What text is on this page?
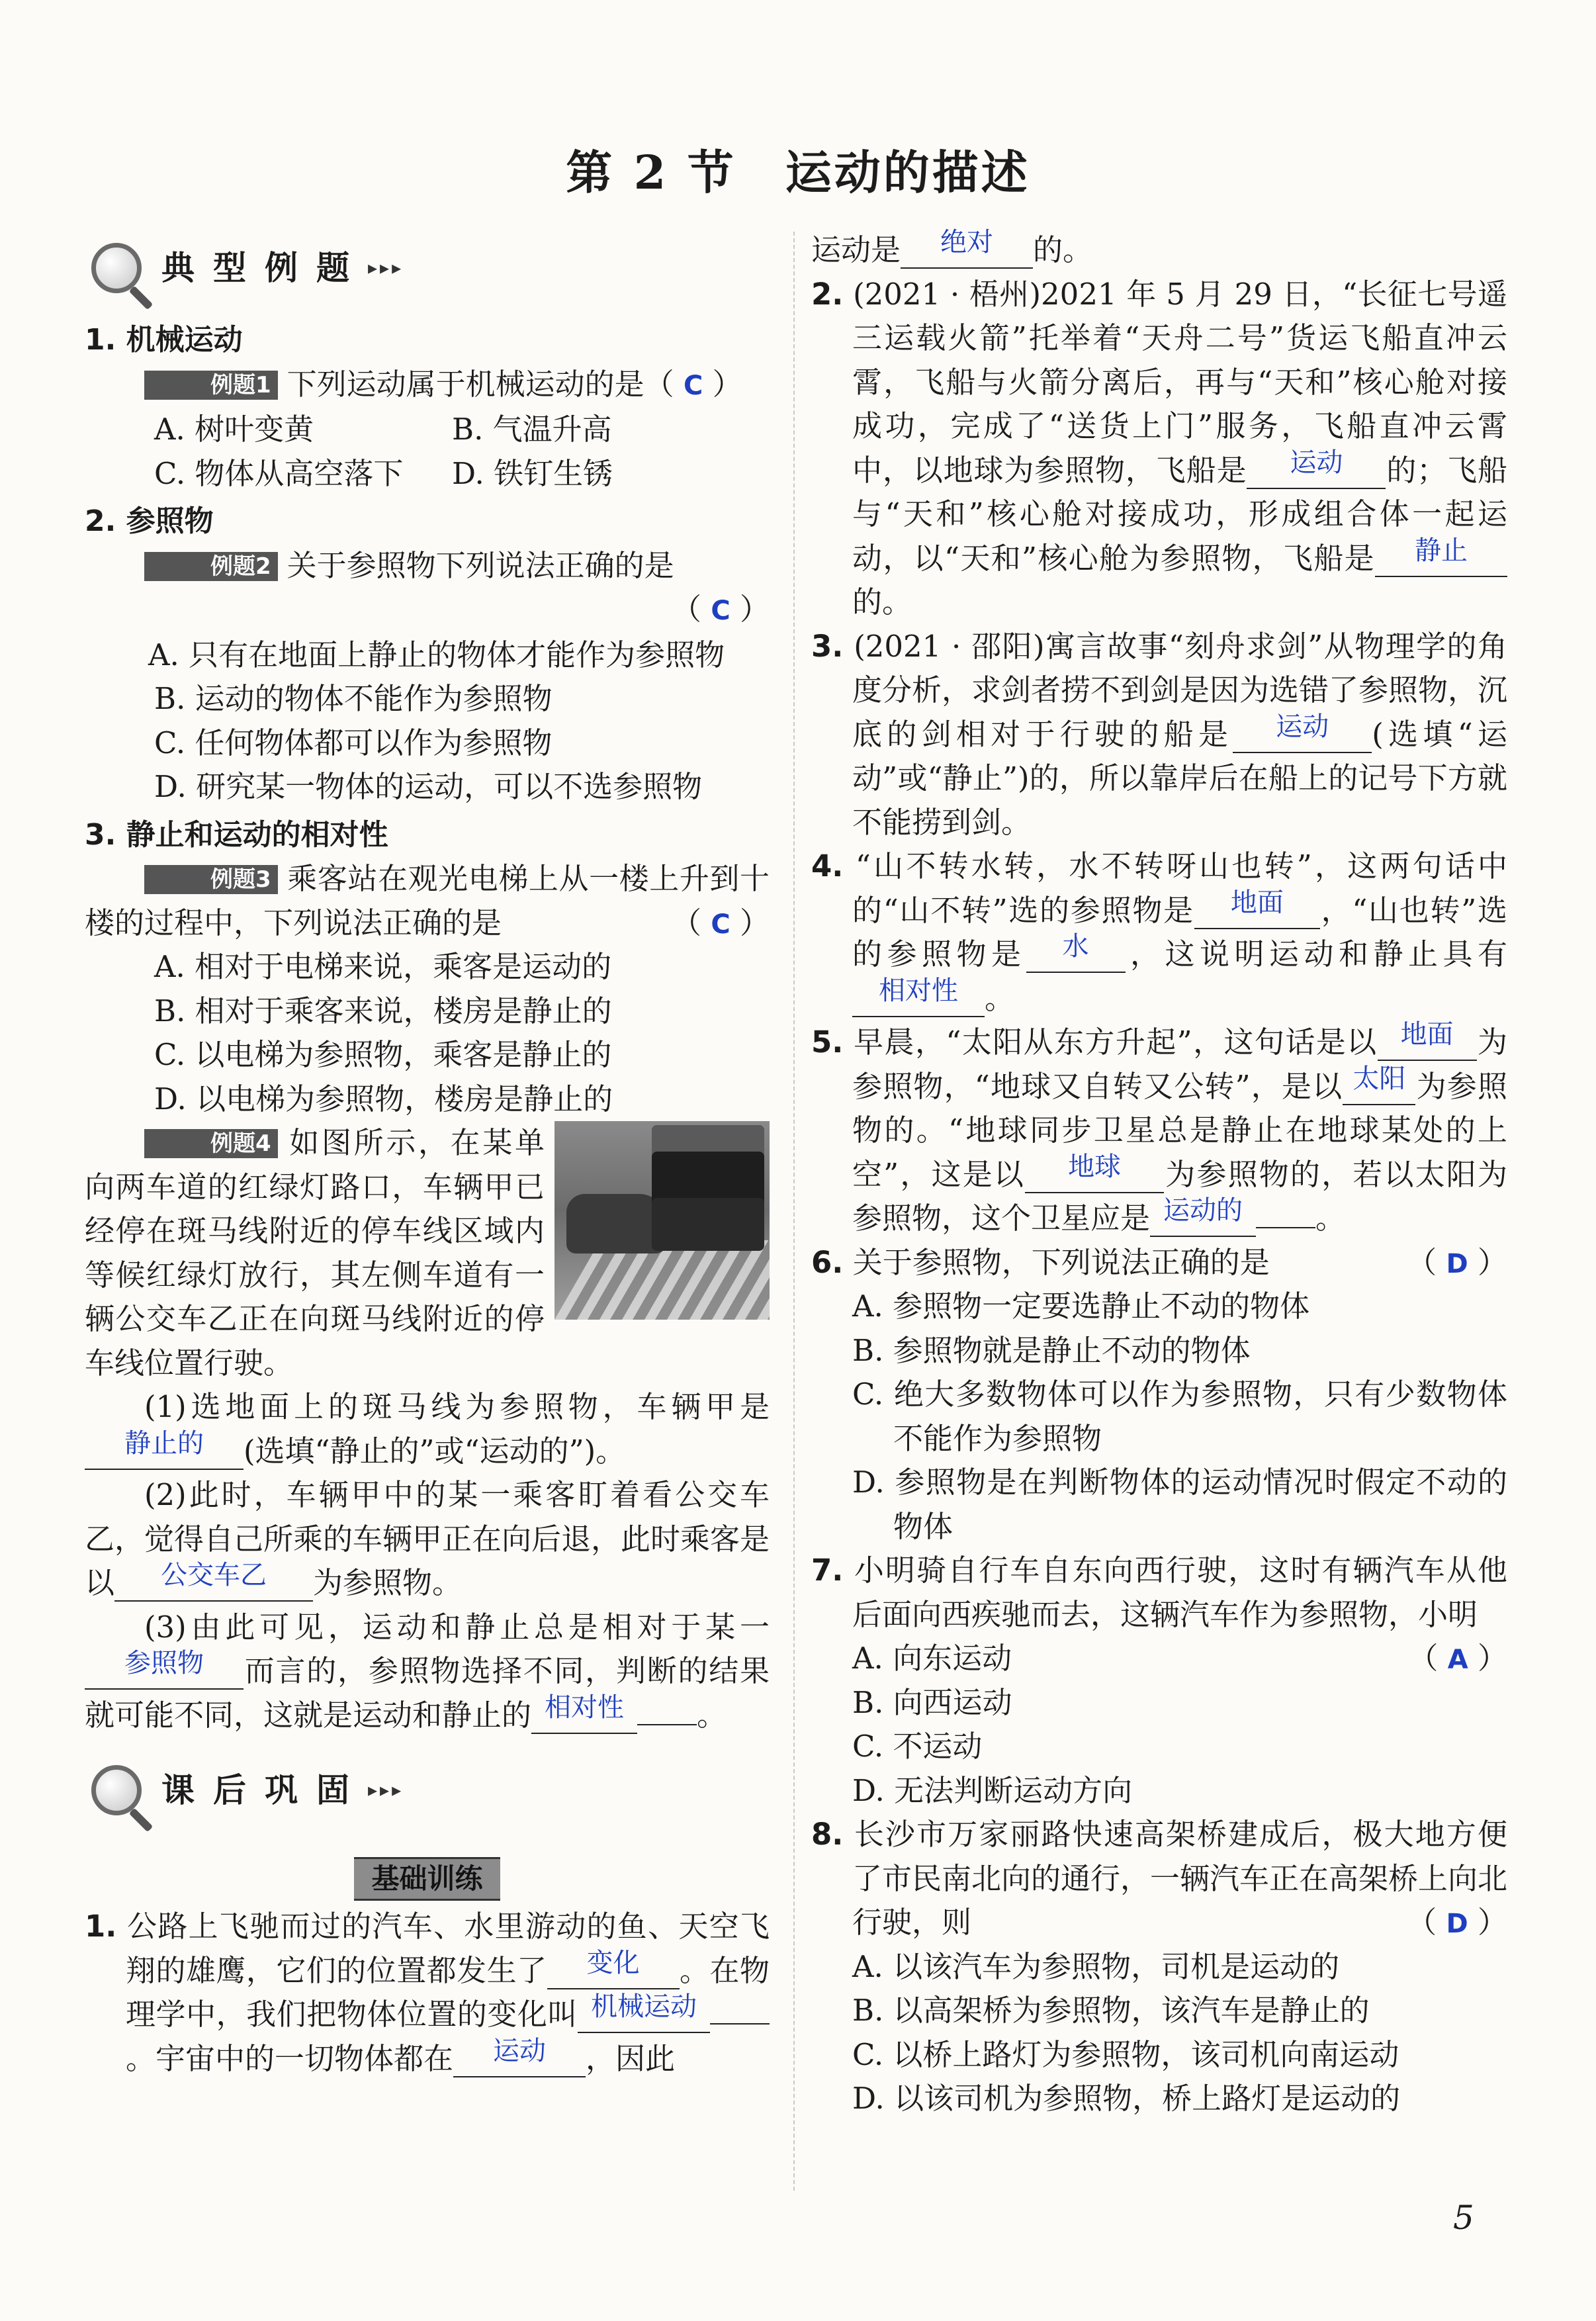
第 2 节　运动的描述
典型例题 ▸▸▸

1. 机械运动

例题1 下列运动属于机械运动的是（ C ）

A. 树叶变黄	B. 气温升高

C. 物体从高空落下 D. 铁钉生锈

2. 参照物

例题2 关于参照物下列说法正确的是

（ C ）

A. 只有在地面上静止的物体才能作为参照物

B. 运动的物体不能作为参照物

C. 任何物体都可以作为参照物

D. 研究某一物体的运动，可以不选参照物

3. 静止和运动的相对性

例题3 乘客站在观光电梯上从一楼上升到十楼的过程中，下列说法正确的是	（ C ）

A. 相对于电梯来说，乘客是运动的

B. 相对于乘客来说，楼房是静止的

C. 以电梯为参照物，乘客是静止的

D. 以电梯为参照物，楼房是静止的

例题4 如图所示，在某单向两车道的红绿灯路口，车辆甲已经停在斑马线附近的停车线区域内等候红绿灯放行，其左侧车道有一辆公交车乙正在向斑马线附近的停车线位置行驶。

(1)选地面上的斑马线为参照物，车辆甲是静止的 (选填“静止的”或“运动的”)。

(2)此时，车辆甲中的某一乘客盯着看公交车乙，觉得自己所乘的车辆甲正在向后退，此时乘客是以 公交车乙 为参照物。

(3)由此可见，运动和静止总是相对于某一参照物 而言的，参照物选择不同，判断的结果就可能不同，这就是运动和静止的 相对性 。

课后巩固 ▸▸▸
基础训练

1. 公路上飞驰而过的汽车、水里游动的鱼、天空飞翔的雄鹰，它们的位置都发生了 变化 。在物理学中，我们把物体位置的变化叫 机械运动。宇宙中的一切物体都在 运动 ，因此

运动是 绝对 的。

2. (2021 · 梧州)2021 年 5 月 29 日，“长征七号遥三运载火箭”托举着“天舟二号”货运飞船直冲云霄，飞船与火箭分离后，再与“天和”核心舱对接成功，完成了“送货上门”服务，飞船直冲云霄中，以地球为参照物，飞船是 运动 的；飞船与“天和”核心舱对接成功，形成组合体一起运动，以“天和”核心舱为参照物，飞船是 静止的。

3. (2021 · 邵阳)寓言故事“刻舟求剑”从物理学的角度分析，求剑者捞不到剑是因为选错了参照物，沉底的剑相对于行驶的船是 运动 (选填“运动”或“静止”)的，所以靠岸后在船上的记号下方就不能捞到剑。

4. “山不转水转，水不转呀山也转”，这两句话中的“山不转”选的参照物是 地面 ，“山也转”选的参照物是 水 ，这说明运动和静止具有相对性 。

5. 早晨，“太阳从东方升起”，这句话是以 地面 为参照物，“地球又自转又公转”，是以 太阳 为参照物的。“地球同步卫星总是静止在地球某处的上空”，这是以 地球 为参照物的，若以太阳为参照物，这个卫星应是 运动的 。

6. 关于参照物，下列说法正确的是	（ D ）

A. 参照物一定要选静止不动的物体

B. 参照物就是静止不动的物体

C. 绝大多数物体可以作为参照物，只有少数物体不能作为参照物

D. 参照物是在判断物体的运动情况时假定不动的物体

7. 小明骑自行车自东向西行驶，这时有辆汽车从他后面向西疾驰而去，这辆汽车作为参照物，小明
（ A ）

A. 向东运动

B. 向西运动

C. 不运动

D. 无法判断运动方向

8. 长沙市万家丽路快速高架桥建成后，极大地方便了市民南北向的通行，一辆汽车正在高架桥上向北行驶，则	（ D ）

A. 以该汽车为参照物，司机是运动的

B. 以高架桥为参照物，该汽车是静止的

C. 以桥上路灯为参照物，该司机向南运动

D. 以该司机为参照物，桥上路灯是运动的

5
